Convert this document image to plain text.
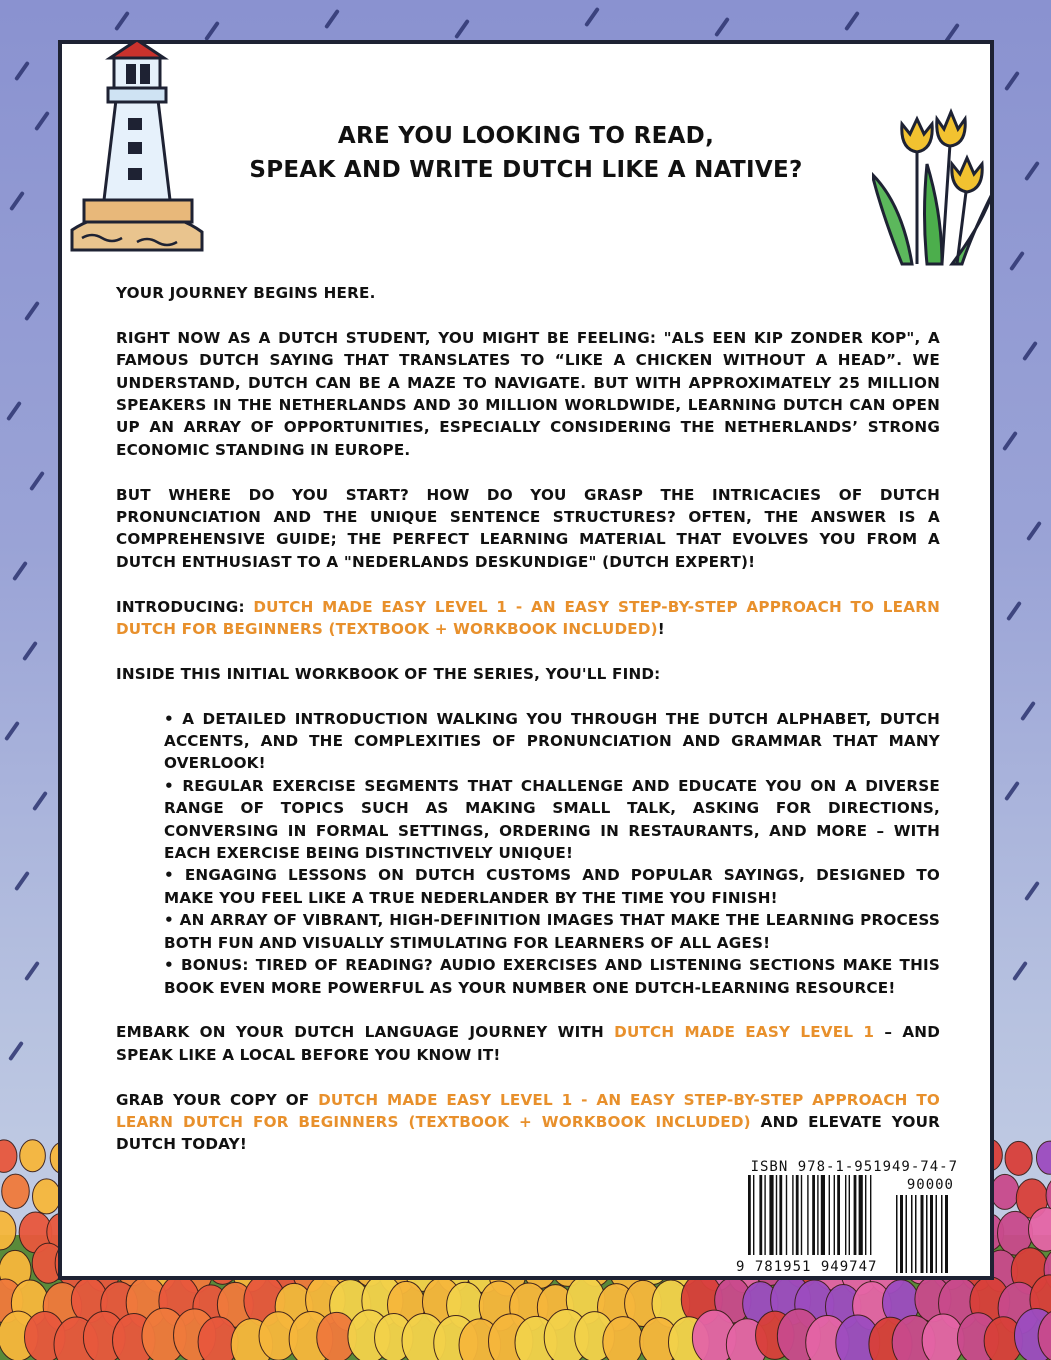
ARE YOU LOOKING TO READ,
SPEAK AND WRITE DUTCH LIKE A NATIVE?

YOUR JOURNEY BEGINS HERE.

RIGHT NOW AS A DUTCH STUDENT, YOU MIGHT BE FEELING: "ALS EEN KIP ZONDER KOP", A FAMOUS DUTCH SAYING THAT TRANSLATES TO “LIKE A CHICKEN WITHOUT A HEAD”. WE UNDERSTAND, DUTCH CAN BE A MAZE TO NAVIGATE. BUT WITH APPROXIMATELY 25 MILLION SPEAKERS IN THE NETHERLANDS AND 30 MILLION WORLDWIDE, LEARNING DUTCH CAN OPEN UP AN ARRAY OF OPPORTUNITIES, ESPECIALLY CONSIDERING THE NETHERLANDS’ STRONG ECONOMIC STANDING IN EUROPE.

BUT WHERE DO YOU START? HOW DO YOU GRASP THE INTRICACIES OF DUTCH PRONUNCIATION AND THE UNIQUE SENTENCE STRUCTURES? OFTEN, THE ANSWER IS A COMPREHENSIVE GUIDE; THE PERFECT LEARNING MATERIAL THAT EVOLVES YOU FROM A DUTCH ENTHUSIAST TO A "NEDERLANDS DESKUNDIGE" (DUTCH EXPERT)!

INTRODUCING: DUTCH MADE EASY LEVEL 1 - AN EASY STEP-BY-STEP APPROACH TO LEARN DUTCH FOR BEGINNERS (TEXTBOOK + WORKBOOK INCLUDED)!

INSIDE THIS INITIAL WORKBOOK OF THE SERIES, YOU'LL FIND:

• A DETAILED INTRODUCTION WALKING YOU THROUGH THE DUTCH ALPHABET, DUTCH ACCENTS, AND THE COMPLEXITIES OF PRONUNCIATION AND GRAMMAR THAT MANY OVERLOOK!
• REGULAR EXERCISE SEGMENTS THAT CHALLENGE AND EDUCATE YOU ON A DIVERSE RANGE OF TOPICS SUCH AS MAKING SMALL TALK, ASKING FOR DIRECTIONS, CONVERSING IN FORMAL SETTINGS, ORDERING IN RESTAURANTS, AND MORE – WITH EACH EXERCISE BEING DISTINCTIVELY UNIQUE!
• ENGAGING LESSONS ON DUTCH CUSTOMS AND POPULAR SAYINGS, DESIGNED TO MAKE YOU FEEL LIKE A TRUE NEDERLANDER BY THE TIME YOU FINISH!
• AN ARRAY OF VIBRANT, HIGH-DEFINITION IMAGES THAT MAKE THE LEARNING PROCESS BOTH FUN AND VISUALLY STIMULATING FOR LEARNERS OF ALL AGES!
• BONUS: TIRED OF READING? AUDIO EXERCISES AND LISTENING SECTIONS MAKE THIS BOOK EVEN MORE POWERFUL AS YOUR NUMBER ONE DUTCH-LEARNING RESOURCE!

EMBARK ON YOUR DUTCH LANGUAGE JOURNEY WITH DUTCH MADE EASY LEVEL 1 – AND SPEAK LIKE A LOCAL BEFORE YOU KNOW IT!

GRAB YOUR COPY OF DUTCH MADE EASY LEVEL 1 - AN EASY STEP-BY-STEP APPROACH TO LEARN DUTCH FOR BEGINNERS (TEXTBOOK + WORKBOOK INCLUDED) AND ELEVATE YOUR DUTCH TODAY!

ISBN 978-1-951949-74-7
90000
9 781951 949747
